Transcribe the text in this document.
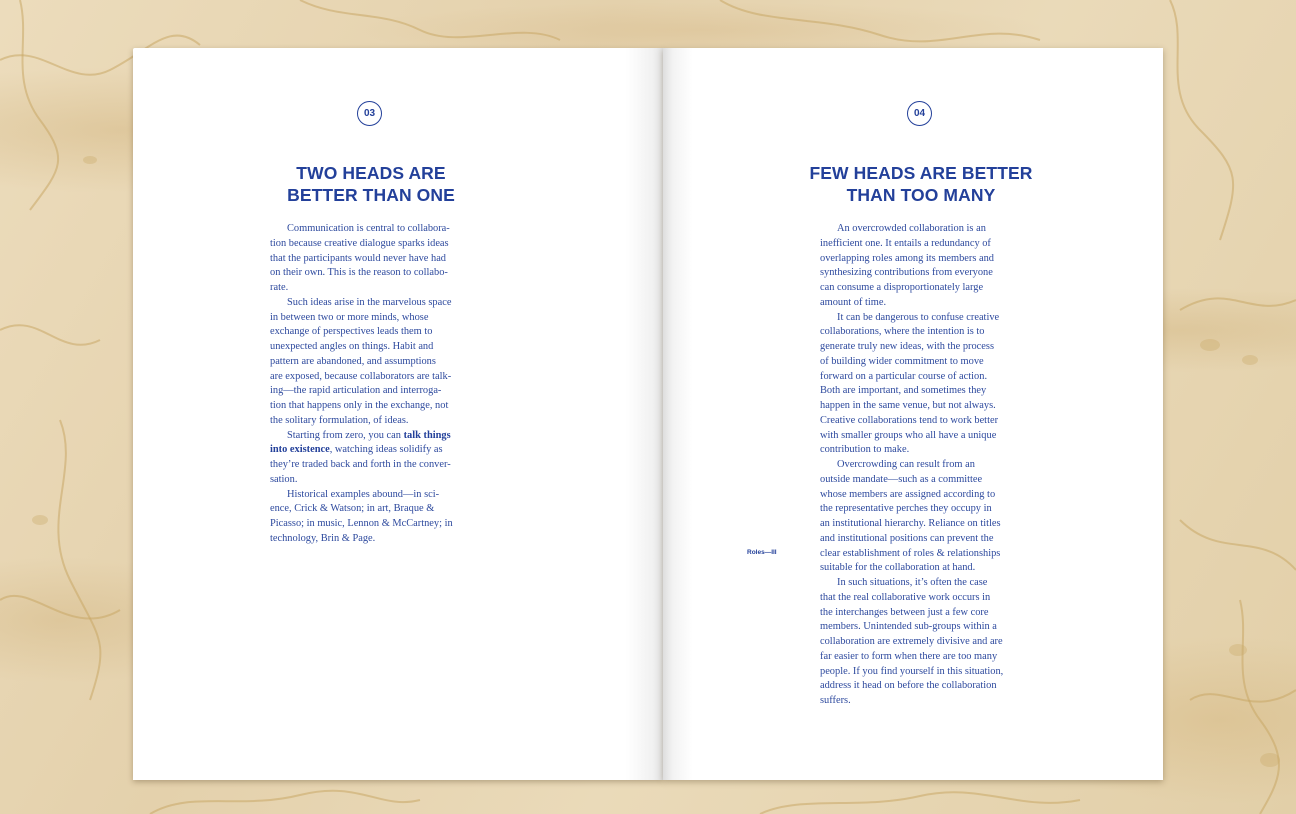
03
TWO HEADS ARE
BETTER THAN ONE
Communication is central to collabora-
tion because creative dialogue sparks ideas
that the participants would never have had
on their own. This is the reason to collabo-
rate.
Such ideas arise in the marvelous space
in between two or more minds, whose
exchange of perspectives leads them to
unexpected angles on things. Habit and
pattern are abandoned, and assumptions
are exposed, because collaborators are talk-
ing—the rapid articulation and interroga-
tion that happens only in the exchange, not
the solitary formulation, of ideas.
Starting from zero, you can talk things
into existence, watching ideas solidify as
they’re traded back and forth in the conver-
sation.
Historical examples abound—in sci-
ence, Crick & Watson; in art, Braque &
Picasso; in music, Lennon & McCartney; in
technology, Brin & Page.
04
FEW HEADS ARE BETTER
THAN TOO MANY
Roles—III
An overcrowded collaboration is an
inefficient one. It entails a redundancy of
overlapping roles among its members and
synthesizing contributions from everyone
can consume a disproportionately large
amount of time.
It can be dangerous to confuse creative
collaborations, where the intention is to
generate truly new ideas, with the process
of building wider commitment to move
forward on a particular course of action.
Both are important, and sometimes they
happen in the same venue, but not always.
Creative collaborations tend to work better
with smaller groups who all have a unique
contribution to make.
Overcrowding can result from an
outside mandate—such as a committee
whose members are assigned according to
the representative perches they occupy in
an institutional hierarchy. Reliance on titles
and institutional positions can prevent the
clear establishment of roles & relationships
suitable for the collaboration at hand.
In such situations, it’s often the case
that the real collaborative work occurs in
the interchanges between just a few core
members. Unintended sub-groups within a
collaboration are extremely divisive and are
far easier to form when there are too many
people. If you find yourself in this situation,
address it head on before the collaboration
suffers.
